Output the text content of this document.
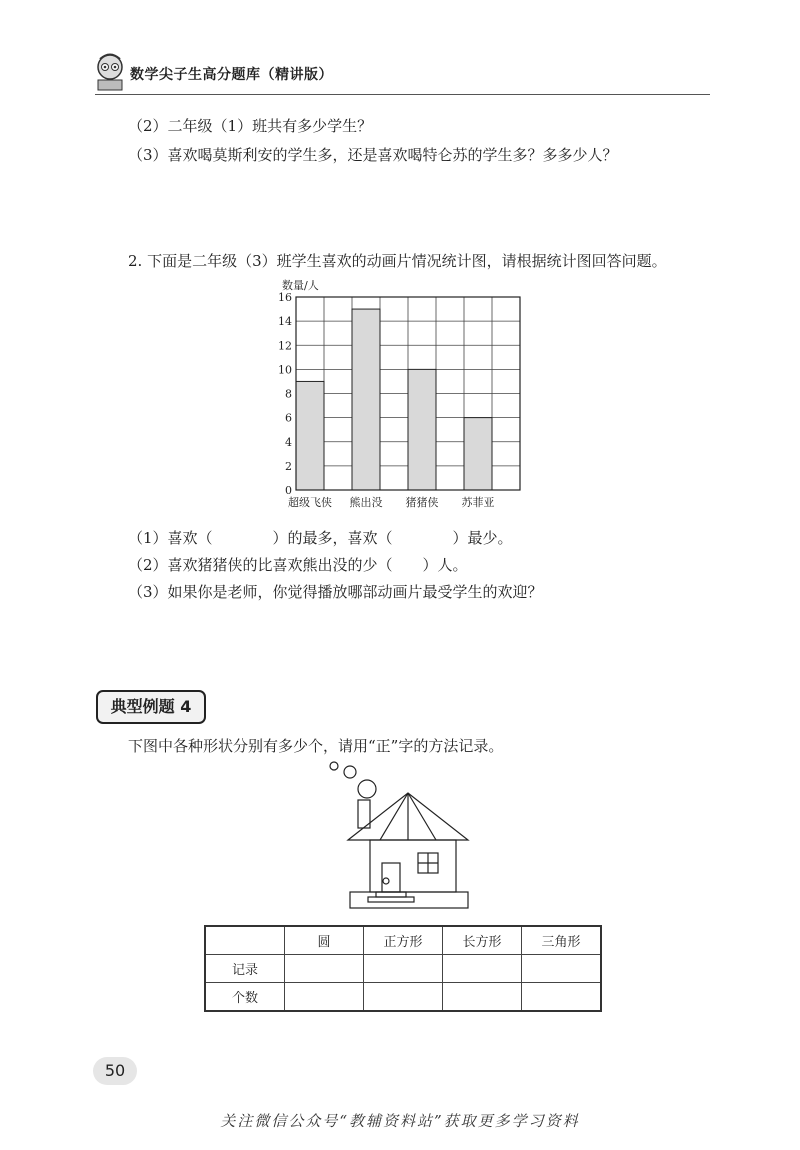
数学尖子生高分题库（精讲版）
（2）二年级（1）班共有多少学生？
（3）喜欢喝莫斯利安的学生多，还是喜欢喝特仑苏的学生多？多多少人？
2. 下面是二年级（3）班学生喜欢的动画片情况统计图，请根据统计图回答问题。
0
2
4
6
8
10
12
14
16
超级飞侠 熊出没 猪猪侠 苏菲亚
数量/人
（1）喜欢（　　　　）的最多，喜欢（　　　　）最少。
（2）喜欢猪猪侠的比喜欢熊出没的少（　　）人。
（3）如果你是老师，你觉得播放哪部动画片最受学生的欢迎？
典型例题 4
下图中各种形状分别有多少个，请用“正”字的方法记录。
	圆	正方形	长方形	三角形
记录				
个数				
50
关注微信公众号“教辅资料站”获取更多学习资料
